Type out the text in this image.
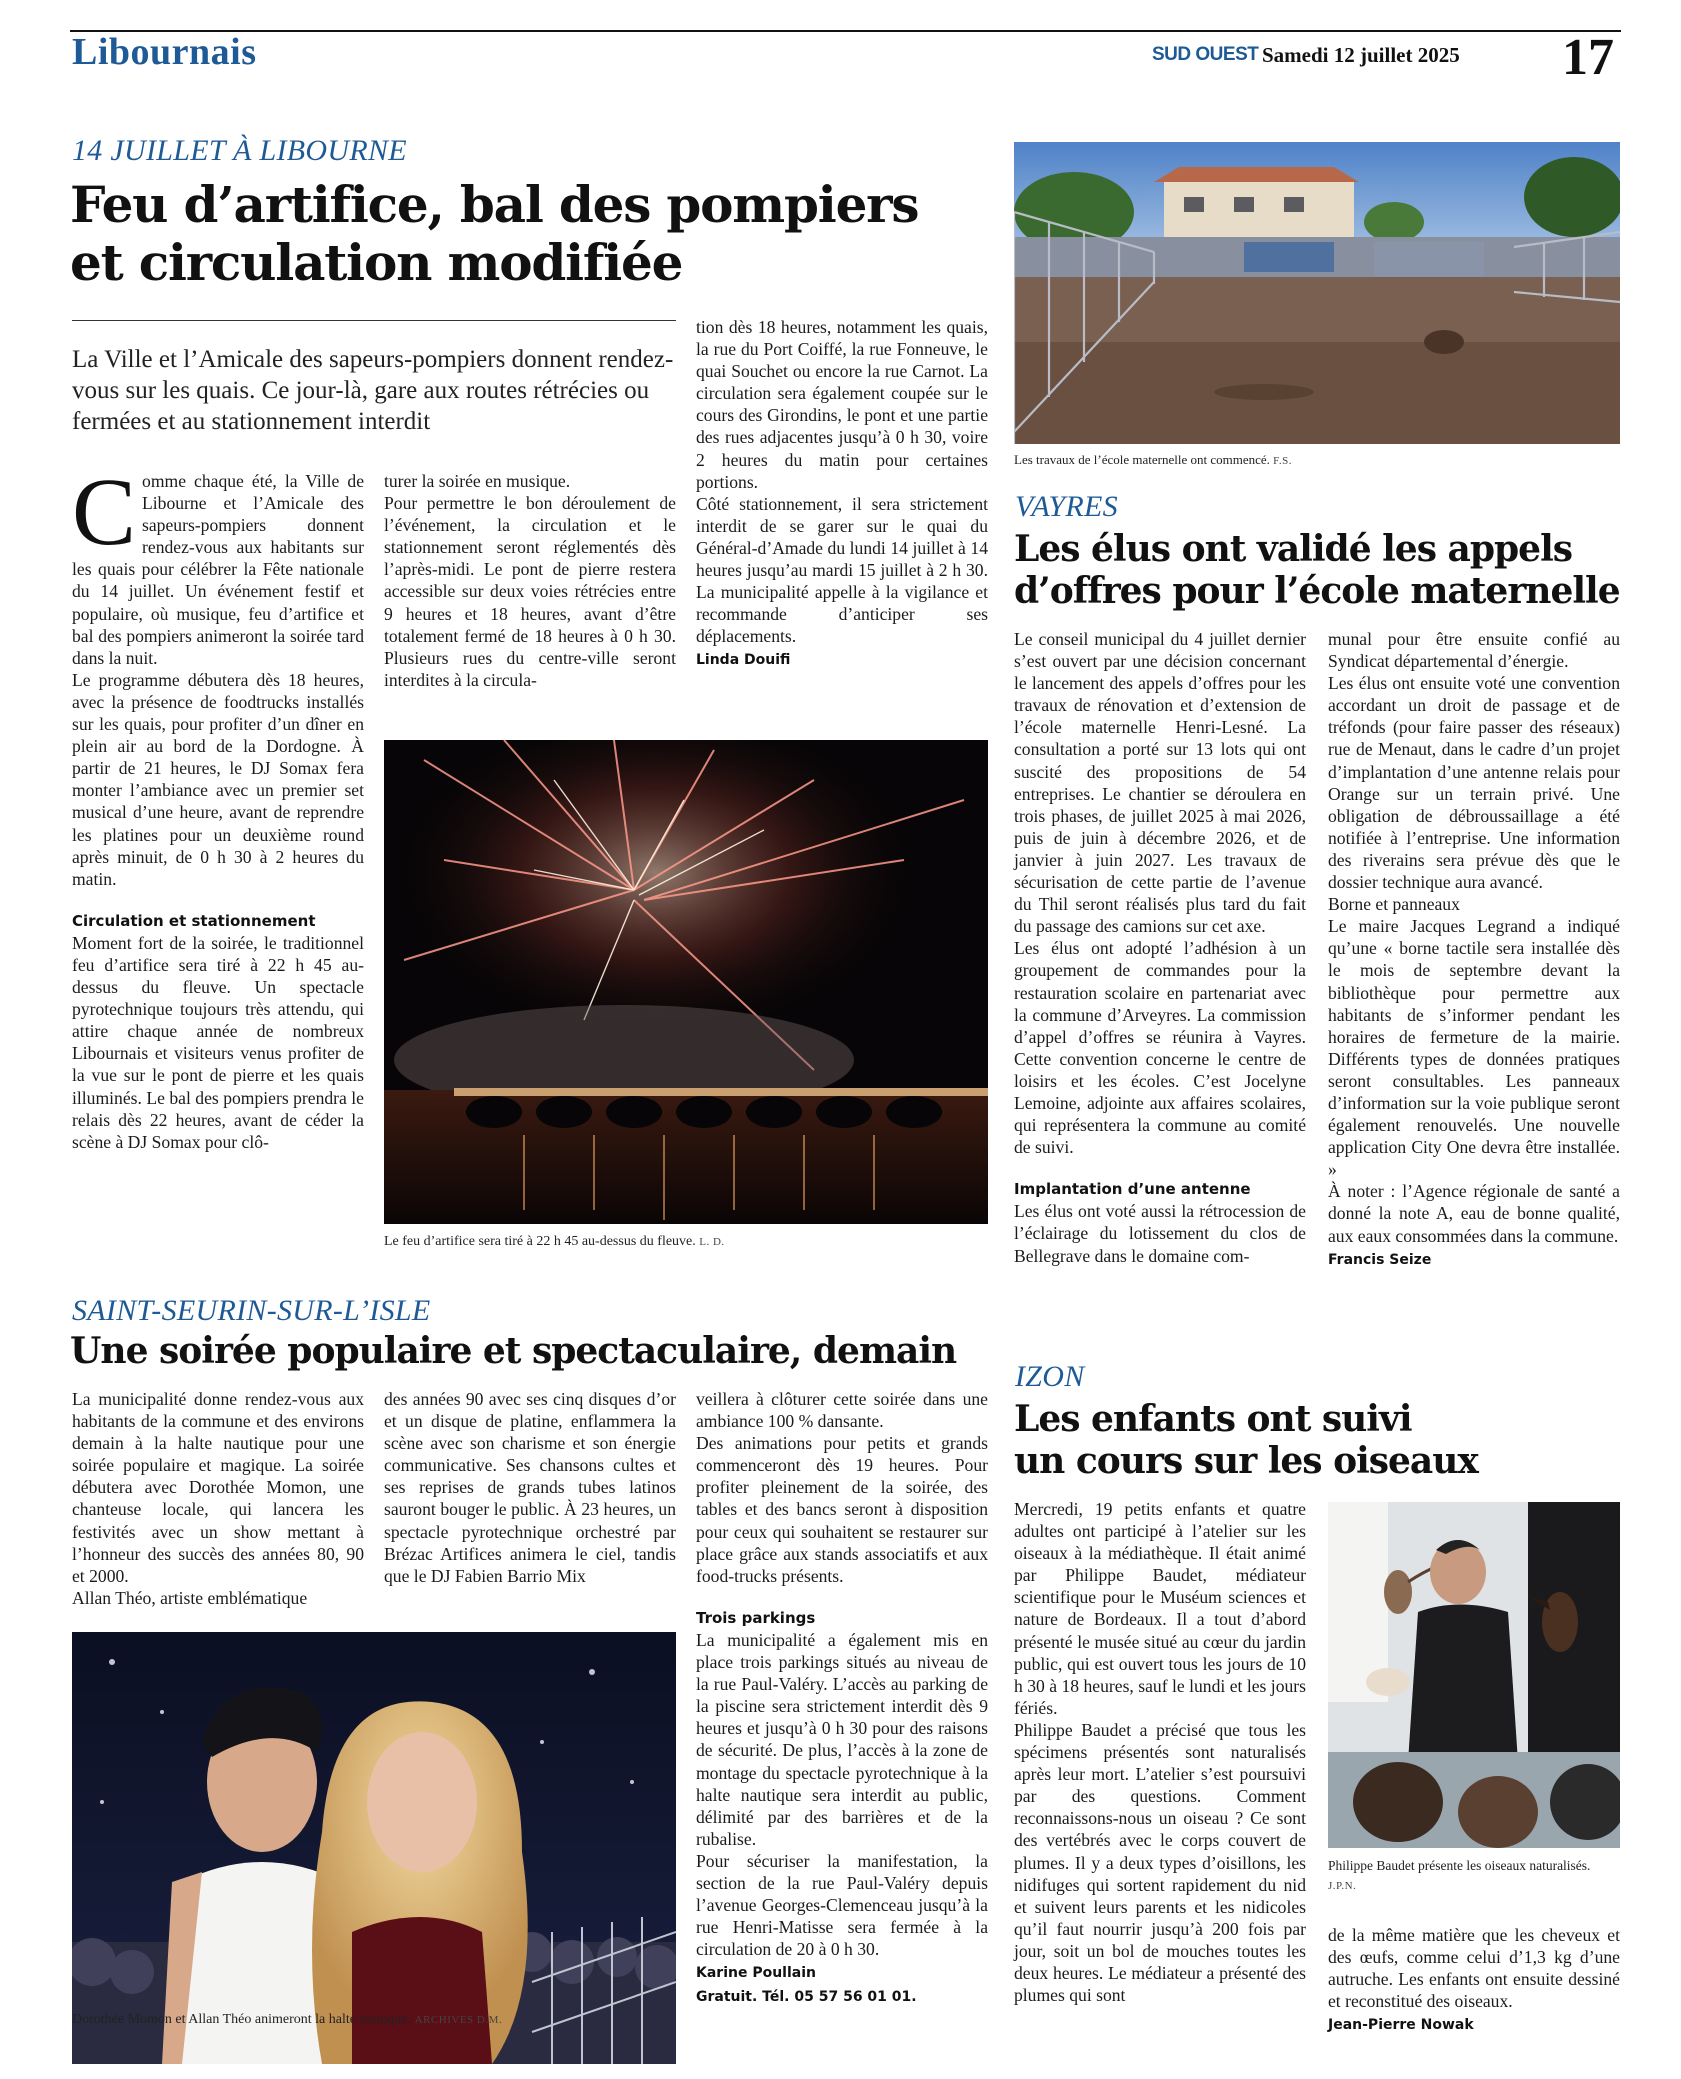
Libournais	SUD OUEST Samedi 12 juillet 2025 17
14 JUILLET À LIBOURNE
Feu d’artifice, bal des pompiers
et circulation modifiée
La Ville et l’Amicale des sapeurs-pompiers donnent rendez-vous sur les quais. Ce jour-là, gare aux routes rétrécies ou fermées et au stationnement interdit

Comme chaque été, la Ville de Libourne et l’Amicale des sapeurs-pompiers donnent rendez-vous aux habitants sur les quais pour célébrer la Fête nationale du 14 juillet. Un événement festif et populaire, où musique, feu d’artifice et bal des pompiers animeront la soirée tard dans la nuit.

Le programme débutera dès 18 heures, avec la présence de foodtrucks installés sur les quais, pour profiter d’un dîner en plein air au bord de la Dordogne. À partir de 21 heures, le DJ Somax fera monter l’ambiance avec un premier set musical d’une heure, avant de reprendre les platines pour un deuxième round après minuit, de 0 h 30 à 2 heures du matin.

Circulation et stationnement

Moment fort de la soirée, le traditionnel feu d’artifice sera tiré à 22 h 45 au-dessus du fleuve. Un spectacle pyrotechnique toujours très attendu, qui attire chaque année de nombreux Libournais et visiteurs venus profiter de la vue sur le pont de pierre et les quais illuminés. Le bal des pompiers prendra le relais dès 22 heures, avant de céder la scène à DJ Somax pour clô-

turer la soirée en musique.

Pour permettre le bon déroulement de l’événement, la circulation et le stationnement seront réglementés dès l’après-midi. Le pont de pierre restera accessible sur deux voies rétrécies entre 9 heures et 18 heures, avant d’être totalement fermé de 18 heures à 0 h 30. Plusieurs rues du centre-ville seront interdites à la circula-

tion dès 18 heures, notamment les quais, la rue du Port Coiffé, la rue Fonneuve, le quai Souchet ou encore la rue Carnot. La circulation sera également coupée sur le cours des Girondins, le pont et une partie des rues adjacentes jusqu’à 0 h 30, voire 2 heures du matin pour certaines portions.

Côté stationnement, il sera strictement interdit de se garer sur le quai du Général-d’Amade du lundi 14 juillet à 14 heures jusqu’au mardi 15 juillet à 2 h 30. La municipalité appelle à la vigilance et recommande d’anticiper ses déplacements.

Linda Douifi

Le feu d’artifice sera tiré à 22 h 45 au-dessus du fleuve. L. D.
SAINT-SEURIN-SUR-L’ISLE
Une soirée populaire et spectaculaire, demain

La municipalité donne rendez-vous aux habitants de la commune et des environs demain à la halte nautique pour une soirée populaire et magique. La soirée débutera avec Dorothée Momon, une chanteuse locale, qui lancera les festivités avec un show mettant à l’honneur des succès des années 80, 90 et 2000.

Allan Théo, artiste emblématique

des années 90 avec ses cinq disques d’or et un disque de platine, enflammera la scène avec son charisme et son énergie communicative. Ses chansons cultes et ses reprises de grands tubes latinos sauront bouger le public. À 23 heures, un spectacle pyrotechnique orchestré par Brézac Artifices animera le ciel, tandis que le DJ Fabien Barrio Mix

veillera à clôturer cette soirée dans une ambiance 100 % dansante.

Des animations pour petits et grands commenceront dès 19 heures. Pour profiter pleinement de la soirée, des tables et des bancs seront à disposition pour ceux qui souhaitent se restaurer sur place grâce aux stands associatifs et aux food-trucks présents.

Trois parkings

La municipalité a également mis en place trois parkings situés au niveau de la rue Paul-Valéry. L’accès au parking de la piscine sera strictement interdit dès 9 heures et jusqu’à 0 h 30 pour des raisons de sécurité. De plus, l’accès à la zone de montage du spectacle pyrotechnique à la halte nautique sera interdit au public, délimité par des barrières et de la rubalise.

Pour sécuriser la manifestation, la section de la rue Paul-Valéry depuis l’avenue Georges-Clemenceau jusqu’à la rue Henri-Matisse sera fermée à la circulation de 20 à 0 h 30.

Karine Poullain

Gratuit. Tél. 05 57 56 01 01.

Dorothée Momon et Allan Théo animeront la halte nautique. ARCHIVES D.M.
Les travaux de l’école maternelle ont commencé. F.S.
VAYRES
Les élus ont validé les appels
d’offres pour l’école maternelle

Le conseil municipal du 4 juillet dernier s’est ouvert par une décision concernant le lancement des appels d’offres pour les travaux de rénovation et d’extension de l’école maternelle Henri-Lesné. La consultation a porté sur 13 lots qui ont suscité des propositions de 54 entreprises. Le chantier se déroulera en trois phases, de juillet 2025 à mai 2026, puis de juin à décembre 2026, et de janvier à juin 2027. Les travaux de sécurisation de cette partie de l’avenue du Thil seront réalisés plus tard du fait du passage des camions sur cet axe.

Les élus ont adopté l’adhésion à un groupement de commandes pour la restauration scolaire en partenariat avec la commune d’Arveyres. La commission d’appel d’offres se réunira à Vayres. Cette convention concerne le centre de loisirs et les écoles. C’est Jocelyne Lemoine, adjointe aux affaires scolaires, qui représentera la commune au comité de suivi.

Implantation d’une antenne

Les élus ont voté aussi la rétrocession de l’éclairage du lotissement du clos de Bellegrave dans le domaine com-

munal pour être ensuite confié au Syndicat départemental d’énergie.

Les élus ont ensuite voté une convention accordant un droit de passage et de tréfonds (pour faire passer des réseaux) rue de Menaut, dans le cadre d’un projet d’implantation d’une antenne relais pour Orange sur un terrain privé. Une obligation de débroussaillage a été notifiée à l’entreprise. Une information des riverains sera prévue dès que le dossier technique aura avancé.

Borne et panneaux

Le maire Jacques Legrand a indiqué qu’une « borne tactile sera installée dès le mois de septembre devant la bibliothèque pour permettre aux habitants de s’informer pendant les horaires de fermeture de la mairie. Différents types de données pratiques seront consultables. Les panneaux d’information sur la voie publique seront également renouvelés. Une nouvelle application City One devra être installée. »

À noter : l’Agence régionale de santé a donné la note A, eau de bonne qualité, aux eaux consommées dans la commune.

Francis Seize

IZON
Les enfants ont suivi
un cours sur les oiseaux

Mercredi, 19 petits enfants et quatre adultes ont participé à l’atelier sur les oiseaux à la médiathèque. Il était animé par Philippe Baudet, médiateur scientifique pour le Muséum sciences et nature de Bordeaux. Il a tout d’abord présenté le musée situé au cœur du jardin public, qui est ouvert tous les jours de 10 h 30 à 18 heures, sauf le lundi et les jours fériés.

Philippe Baudet a précisé que tous les spécimens présentés sont naturalisés après leur mort. L’atelier s’est poursuivi par des questions. Comment reconnaissons-nous un oiseau ? Ce sont des vertébrés avec le corps couvert de plumes. Il y a deux types d’oisillons, les nidifuges qui sortent rapidement du nid et suivent leurs parents et les nidicoles qu’il faut nourrir jusqu’à 200 fois par jour, soit un bol de mouches toutes les deux heures. Le médiateur a présenté des plumes qui sont

Philippe Baudet présente les oiseaux naturalisés. J.P.N.

de la même matière que les cheveux et des œufs, comme celui d’1,3 kg d’une autruche. Les enfants ont ensuite dessiné et reconstitué des oiseaux.

Jean-Pierre Nowak
